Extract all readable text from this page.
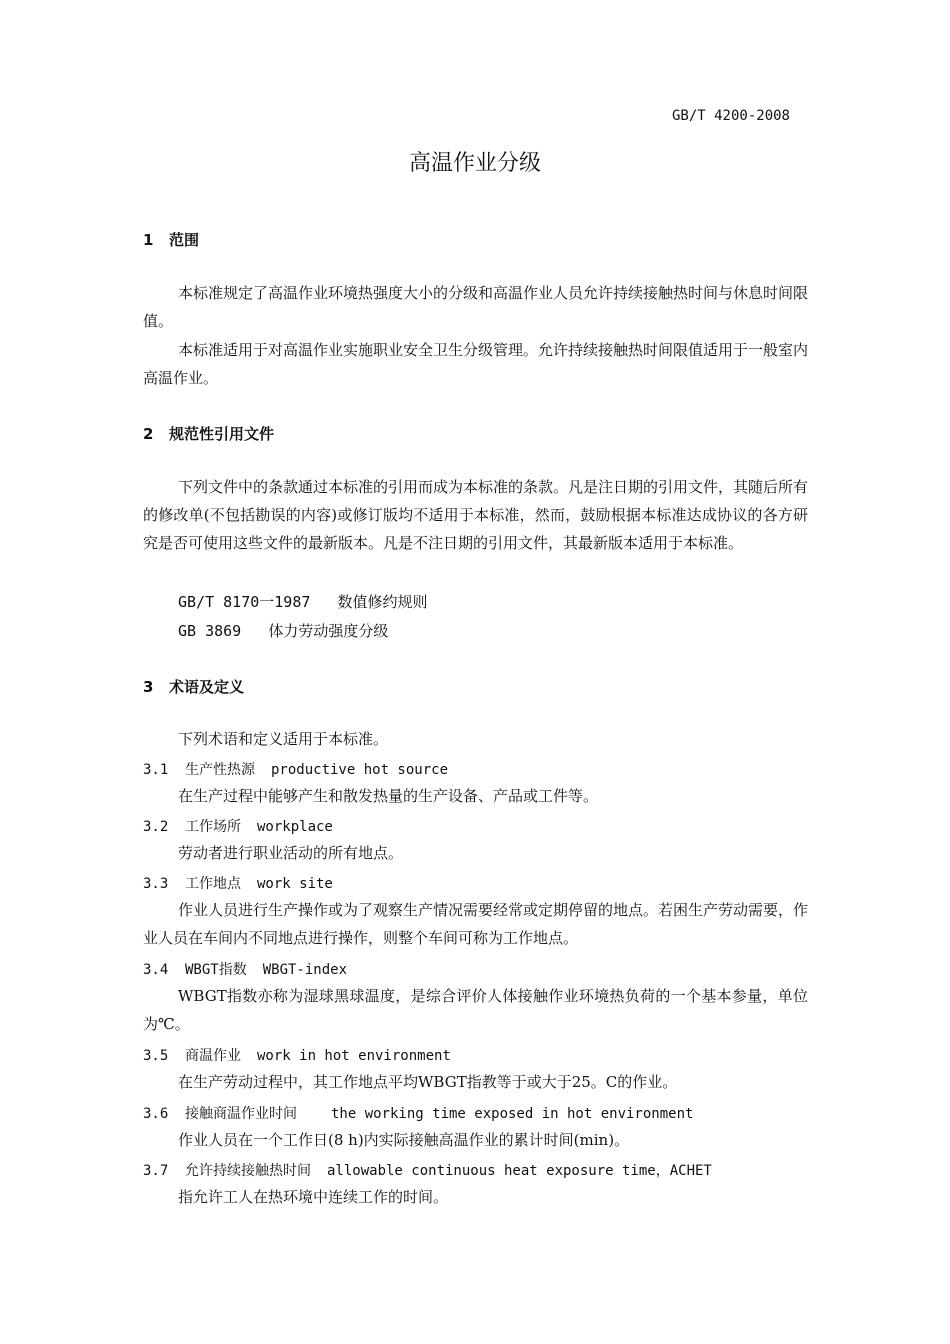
GB/T 4200-2008
高温作业分级
1 范围

本标准规定了高温作业环境热强度大小的分级和高温作业人员允许持续接触热时间与休息时间限值。

本标准适用于对高温作业实施职业安全卫生分级管理。允许持续接触热时间限值适用于一般室内高温作业。

2 规范性引用文件

下列文件中的条款通过本标准的引用而成为本标准的条款。凡是注日期的引用文件，其随后所有的修改单(不包括勘误的内容)或修订版均不适用于本标准，然而，鼓励根据本标准达成协议的各方研究是否可使用这些文件的最新版本。凡是不注日期的引用文件，其最新版本适用于本标准。

GB/T 8170一1987 数值修约规则
GB 3869 体力劳动强度分级
3 术语及定义

下列术语和定义适用于本标准。

3.1 生产性热源 productive hot source

在生产过程中能够产生和散发热量的生产设备、产品或工件等。

3.2 工作场所 workplace

劳动者进行职业活动的所有地点。

3.3 工作地点 work site

作业人员进行生产操作或为了观察生产情况需要经常或定期停留的地点。若困生产劳动需要，作业人员在车间内不同地点进行操作，则整个车间可称为工作地点。

3.4 WBGT指数 WBGT-index

WBGT指数亦称为湿球黑球温度，是综合评价人体接触作业环境热负荷的一个基本参量，单位为℃。

3.5 商温作业 work in hot environment

在生产劳动过程中，其工作地点平均WBGT指教等于或大于25。C的作业。

3.6 接触商温作业时间 the working time exposed in hot environment

作业人员在一个工作日(8 h)内实际接触高温作业的累计时间(min)。

3.7 允许持续接触热时间 allowable continuous heat exposure time，ACHET

指允许工人在热环境中连续工作的时间。
